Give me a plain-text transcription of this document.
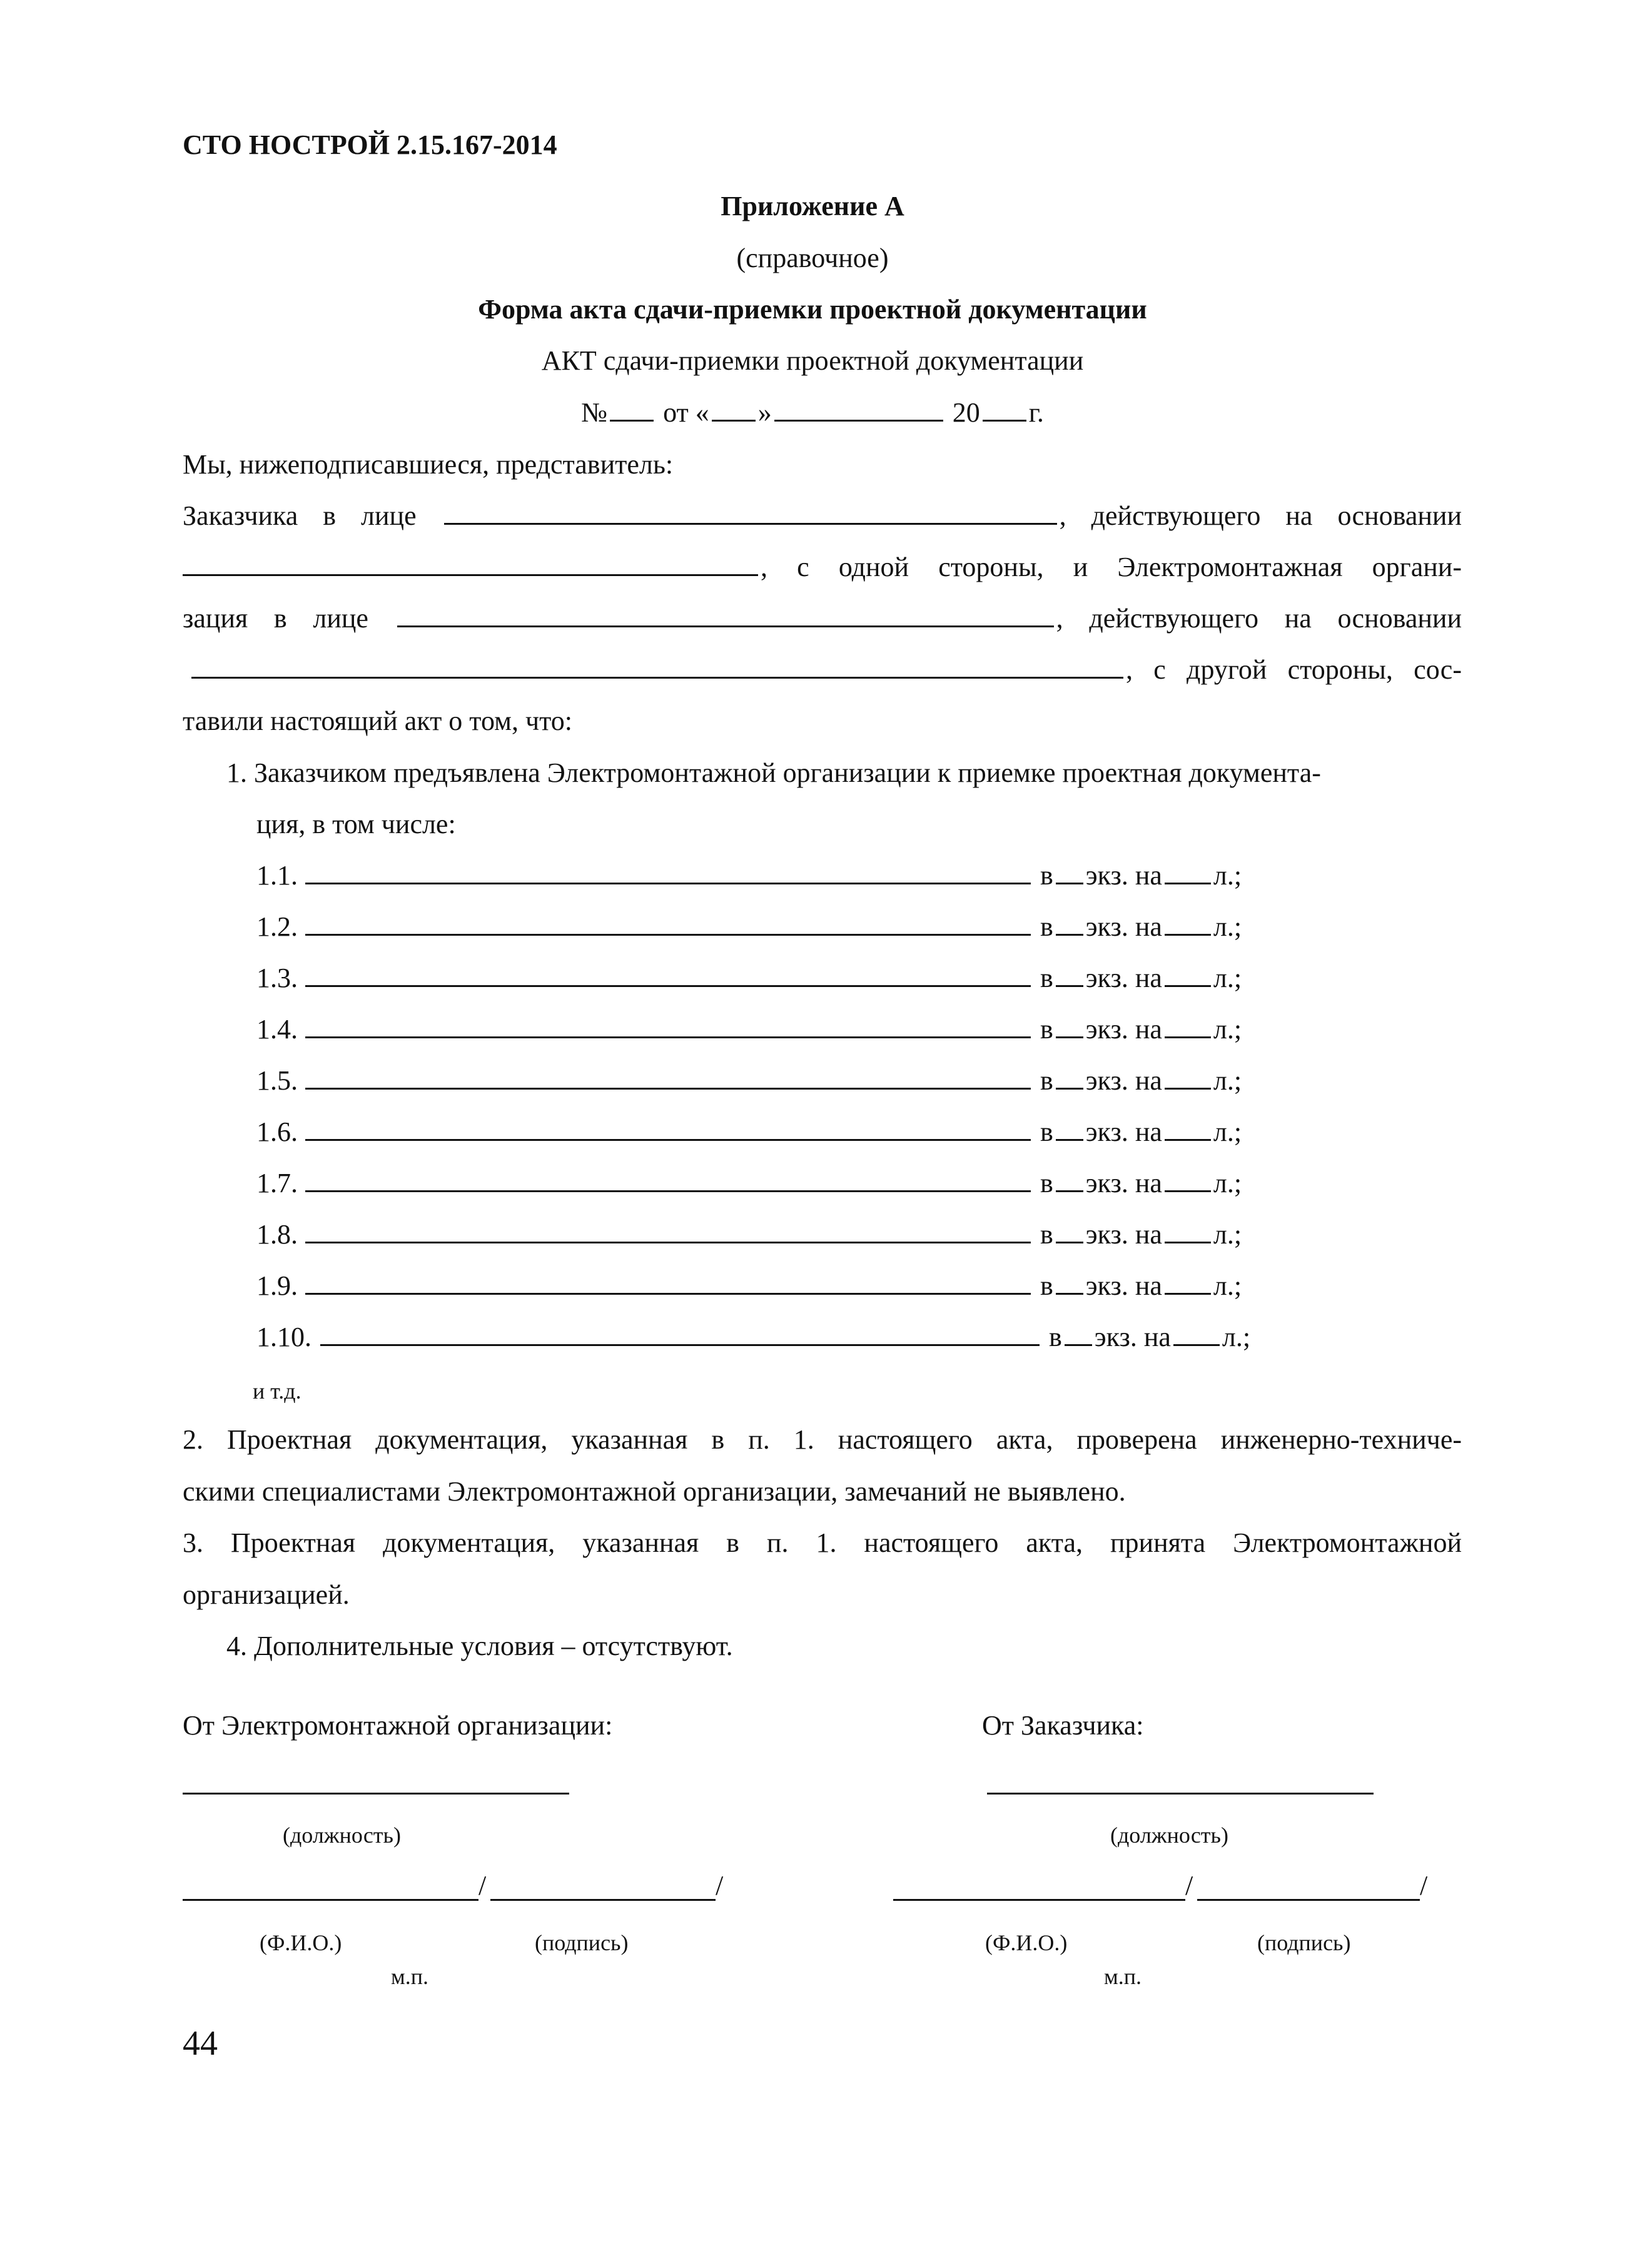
СТО НОСТРОЙ 2.15.167-2014
Приложение А
(справочное)
Форма акта сдачи-приемки проектной документации
АКТ сдачи-приемки проектной документации
№ от « »	20 г.
Мы, нижеподписавшиеся, представитель:
Заказчика в лице	, действующего на основании
, с одной стороны, и Электромонтажная органи-
зация в лице	, действующего на основании
, с другой стороны, сос-
тавили настоящий акт о том, что:
1. Заказчиком предъявлена Электромонтажной организации к приемке проектная документа-
ция, в том числе:
1.1.	в экз. на л.;
1.2.	в экз. на л.;
1.3.	в экз. на л.;
1.4.	в экз. на л.;
1.5.	в экз. на л.;
1.6.	в экз. на л.;
1.7.	в экз. на л.;
1.8.	в экз. на л.;
1.9.	в экз. на л.;
1.10.	в экз. на л.;
и т.д.
2. Проектная документация, указанная в п. 1. настоящего акта, проверена инженерно-техниче-
скими специалистами Электромонтажной организации, замечаний не выявлено.
3. Проектная документация, указанная в п. 1. настоящего акта, принята Электромонтажной
организацией.
4. Дополнительные условия – отсутствуют.
От Электромонтажной организации:
(должность)
/	/
(Ф.И.О.)	(подпись)
м.п.
От Заказчика:
(должность)
/	/
(Ф.И.О.)	(подпись)
м.п.
44
